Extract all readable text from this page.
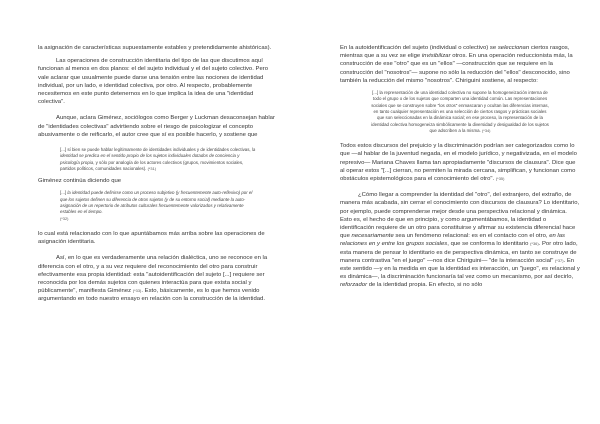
la asignación de características supuestamente estables y pretendidamente ahistóricas).

Las operaciones de construcción identitaria del tipo de las que discutimos aquí funcionan al menos en dos planos: el del sujeto individual y el del sujeto colectivo. Pero vale aclarar que usualmente puede darse una tensión entre las nociones de identidad individual, por un lado, e identidad colectiva, por otro. Al respecto, probablemente necesitemos en este punto detenernos en lo que implica la idea de una "identidad colectiva".

Aunque, aclara Giménez, sociólogos como Berger y Luckman desaconsejan hablar de "identidades colectivas" advirtiendo sobre el riesgo de psicologizar el concepto abusivamente o de reificarlo, el autor cree que sí es posible hacerlo, y sostiene que

[...] sí bien se puede hablar legítimamente de identidades individuales y de identidades colectivas, la identidad se predica en el sentido propio de los sujetos individuales dotados de conciencia y psicología propia, y sólo por analogía de los actores colectivos (grupos, movimientos sociales, partidos políticos, comunidades nacionales). (*31)

Giménez continúa diciendo que

[...] la identidad puede definirse como un proceso subjetivo (y frecuentemente auto-reflexivo) por el que los sujetos definen su diferencia de otros sujetos (y de su entorno social) mediante la auto-asignación de un repertorio de atributos culturales frecuentemente valorizados y relativamente estables en el tiempo.
(*32)

lo cual está relacionado con lo que apuntábamos más arriba sobre las operaciones de asignación identitaria.

Así, en lo que es verdaderamente una relación dialéctica, uno se reconoce en la diferencia con el otro, y a su vez requiere del reconocimiento del otro para construir efectivamente esa propia identidad: esta "autoidentificación del sujeto [...] requiere ser reconocida por los demás sujetos con quienes interactúa para que exista social y públicamente", manifiesta Giménez (*33). Esto, básicamente, es lo que hemos venido argumentando en todo nuestro ensayo en relación con la construcción de la identidad.

En la autoidentificación del sujeto (individual o colectivo) se seleccionan ciertos rasgos, mientras que a su vez se elige invisibilizar otros. En una operación reduccionista más, la construcción de ese "otro" que es un "ellos" —construcción que se requiere en la construcción del "nosotros"— supone no sólo la reducción del "ellos" desconocido, sino también la reducción del mismo "nosotros". Chiriguini sostiene, al respecto:

[...] la representación de una identidad colectiva no supone la homogeneización interna de todo el grupo o de los sujetos que comparten una identidad común. Las representaciones sociales que se construyen sobre "los otros" enmascaran y ocultan las diferencias internas, en tanto cualquier representación es una selección de ciertos rasgos y prácticas sociales que son seleccionadas en la dinámica social; en ese proceso, la representación de la identidad colectiva homogeneiza simbólicamente la diversidad y desigualdad de los sujetos que adscriben a la misma. (*34)

Todos estos discursos del prejuicio y la discriminación podrían ser categorizados como lo que —al hablar de la juventud negada, en el modelo jurídico, y negativizada, en el modelo represivo— Mariana Chaves llama tan apropiadamente "discursos de clausura". Dice que al operar estos "[...] cierran, no permiten la mirada cercana, simplifican, y funcionan como obstáculos epistemológicos para el conocimiento del otro". (*35)

¿Cómo llegar a comprender la identidad del "otro", del extranjero, del extraño, de manera más acabada, sin cerrar el conocimiento con discursos de clausura? Lo identitario, por ejemplo, puede comprenderse mejor desde una perspectiva relacional y dinámica. Esto es, el hecho de que en principio, y como argumentábamos, la identidad o identificación requiere de un otro para constituirse y afirmar su existencia diferencial hace que necesariamente sea un fenómeno relacional: es en el contacto con el otro, en las relaciones en y entre los grupos sociales, que se conforma lo identitario (*36). Por otro lado, esta manera de pensar lo identitario es de perspectiva dinámica, en tanto se construye de manera contrastiva "en el juego" —nos dice Chiriguini— "de la interacción social" (*37). En este sentido —y en la medida en que la identidad es interacción, un "juego", es relacional y es dinámica—, la discriminación funcionaría tal vez como un mecanismo, por así decirlo, reforzador de la identidad propia. En efecto, si no sólo
